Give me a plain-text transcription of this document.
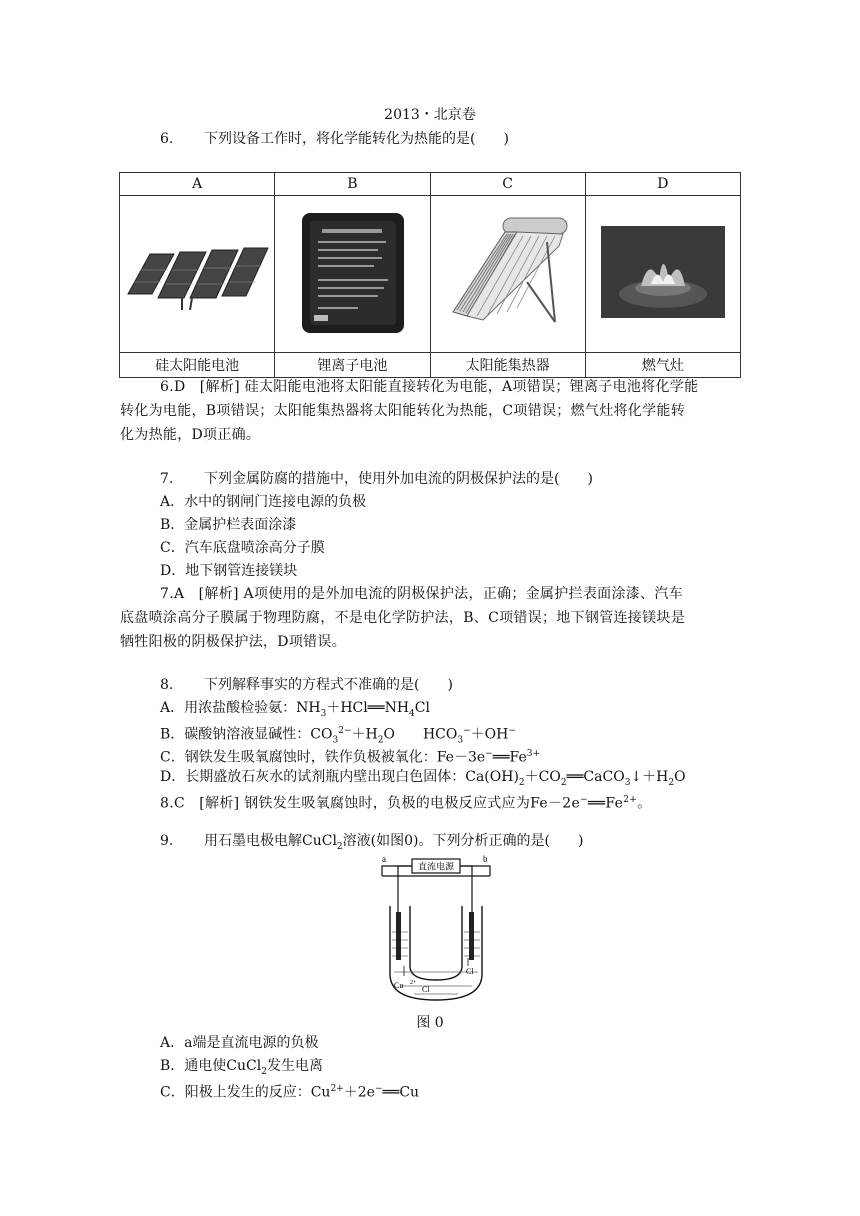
2013・北京卷
6. 下列设备工作时，将化学能转化为热能的是(　　)
A	B	C	D

硅太阳能电池	锂离子电池	太阳能集热器	燃气灶
6.D　[解析] 硅太阳能电池将太阳能直接转化为电能，A项错误；锂离子电池将化学能
转化为电能，B项错误；太阳能集热器将太阳能转化为热能，C项错误；燃气灶将化学能转
化为热能，D项正确。
7. 下列金属防腐的措施中，使用外加电流的阴极保护法的是(　　)
A．水中的钢闸门连接电源的负极
B．金属护栏表面涂漆
C．汽车底盘喷涂高分子膜
D．地下钢管连接镁块
7.A　[解析] A项使用的是外加电流的阴极保护法，正确；金属护拦表面涂漆、汽车
底盘喷涂高分子膜属于物理防腐，不是电化学防护法，B、C项错误；地下钢管连接镁块是
牺牲阳极的阴极保护法，D项错误。
8. 下列解释事实的方程式不准确的是(　　)
A．用浓盐酸检验氨：$NH_3+HCl══NH_4Cl$
B．碳酸钠溶液显碱性：$CO_3^{2-}+H_2O$　　$HCO_3^-+OH^-$
C．钢铁发生吸氧腐蚀时，铁作负极被氧化：$Fe-3e^-══Fe^{3+}$
D．长期盛放石灰水的试剂瓶内壁出现白色固体：$Ca(OH)_2+CO_2══CaCO_3↓+H_2O$
8.C　[解析] 钢铁发生吸氧腐蚀时，负极的电极反应式应为$Fe-2e^-══Fe^{2+}$。
9. 用石墨电极电解CuCl$_2$溶液(如图0)。下列分析正确的是(　　)
a	b
直流电源
Cu 2+
Cl
Cl
图 0
A．a端是直流电源的负极
B．通电使CuCl$_2$发生电离
C．阳极上发生的反应：$Cu^{2+}+2e^-══Cu$
